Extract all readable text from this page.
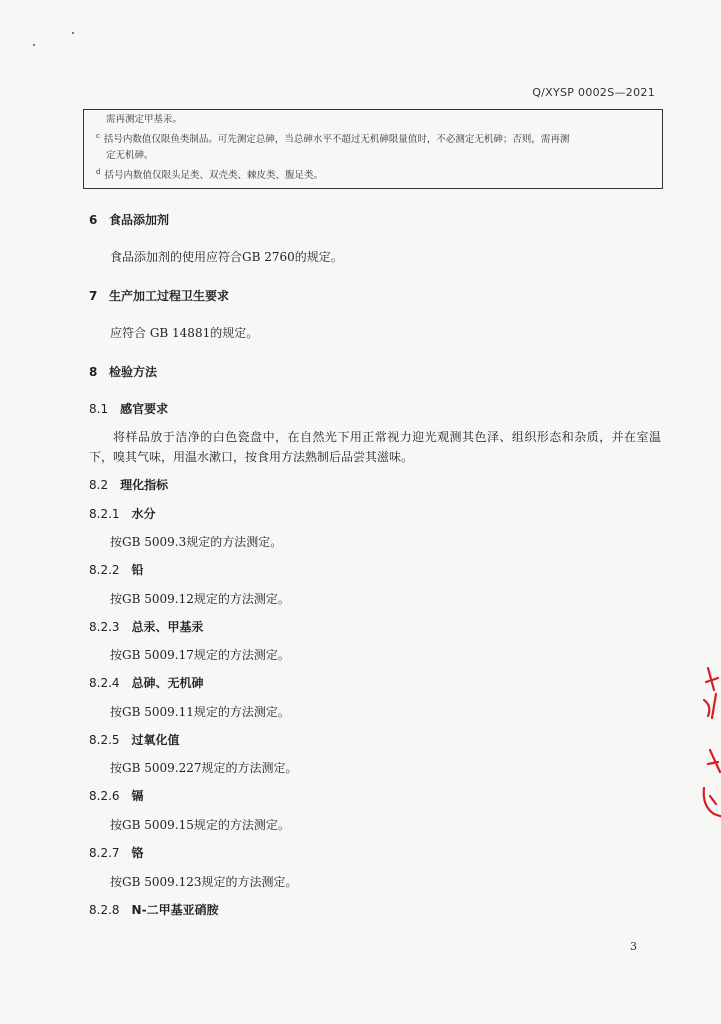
Q/XYSP 0002S—2021

需再测定甲基汞。

$^c$ 括号内数值仅限鱼类制品。可先测定总砷，当总砷水平不超过无机砷限量值时，不必测定无机砷；否则，需再测

定无机砷。

$^d$ 括号内数值仅限头足类、双壳类、棘皮类、腹足类。

6 食品添加剂
食品添加剂的使用应符合GB 2760的规定。
7 生产加工过程卫生要求
应符合 GB 14881的规定。
8 检验方法
8.1 感官要求
将样品放于洁净的白色瓷盘中，在自然光下用正常视力迎光观测其色泽、组织形态和杂质，并在室温下，嗅其气味，用温水漱口，按食用方法熟制后品尝其滋味。
8.2 理化指标
8.2.1 水分
按GB 5009.3规定的方法测定。
8.2.2 铅
按GB 5009.12规定的方法测定。
8.2.3 总汞、甲基汞
按GB 5009.17规定的方法测定。
8.2.4 总砷、无机砷
按GB 5009.11规定的方法测定。
8.2.5 过氧化值
按GB 5009.227规定的方法测定。
8.2.6 镉
按GB 5009.15规定的方法测定。
8.2.7 铬
按GB 5009.123规定的方法测定。
8.2.8 N-二甲基亚硝胺
3
